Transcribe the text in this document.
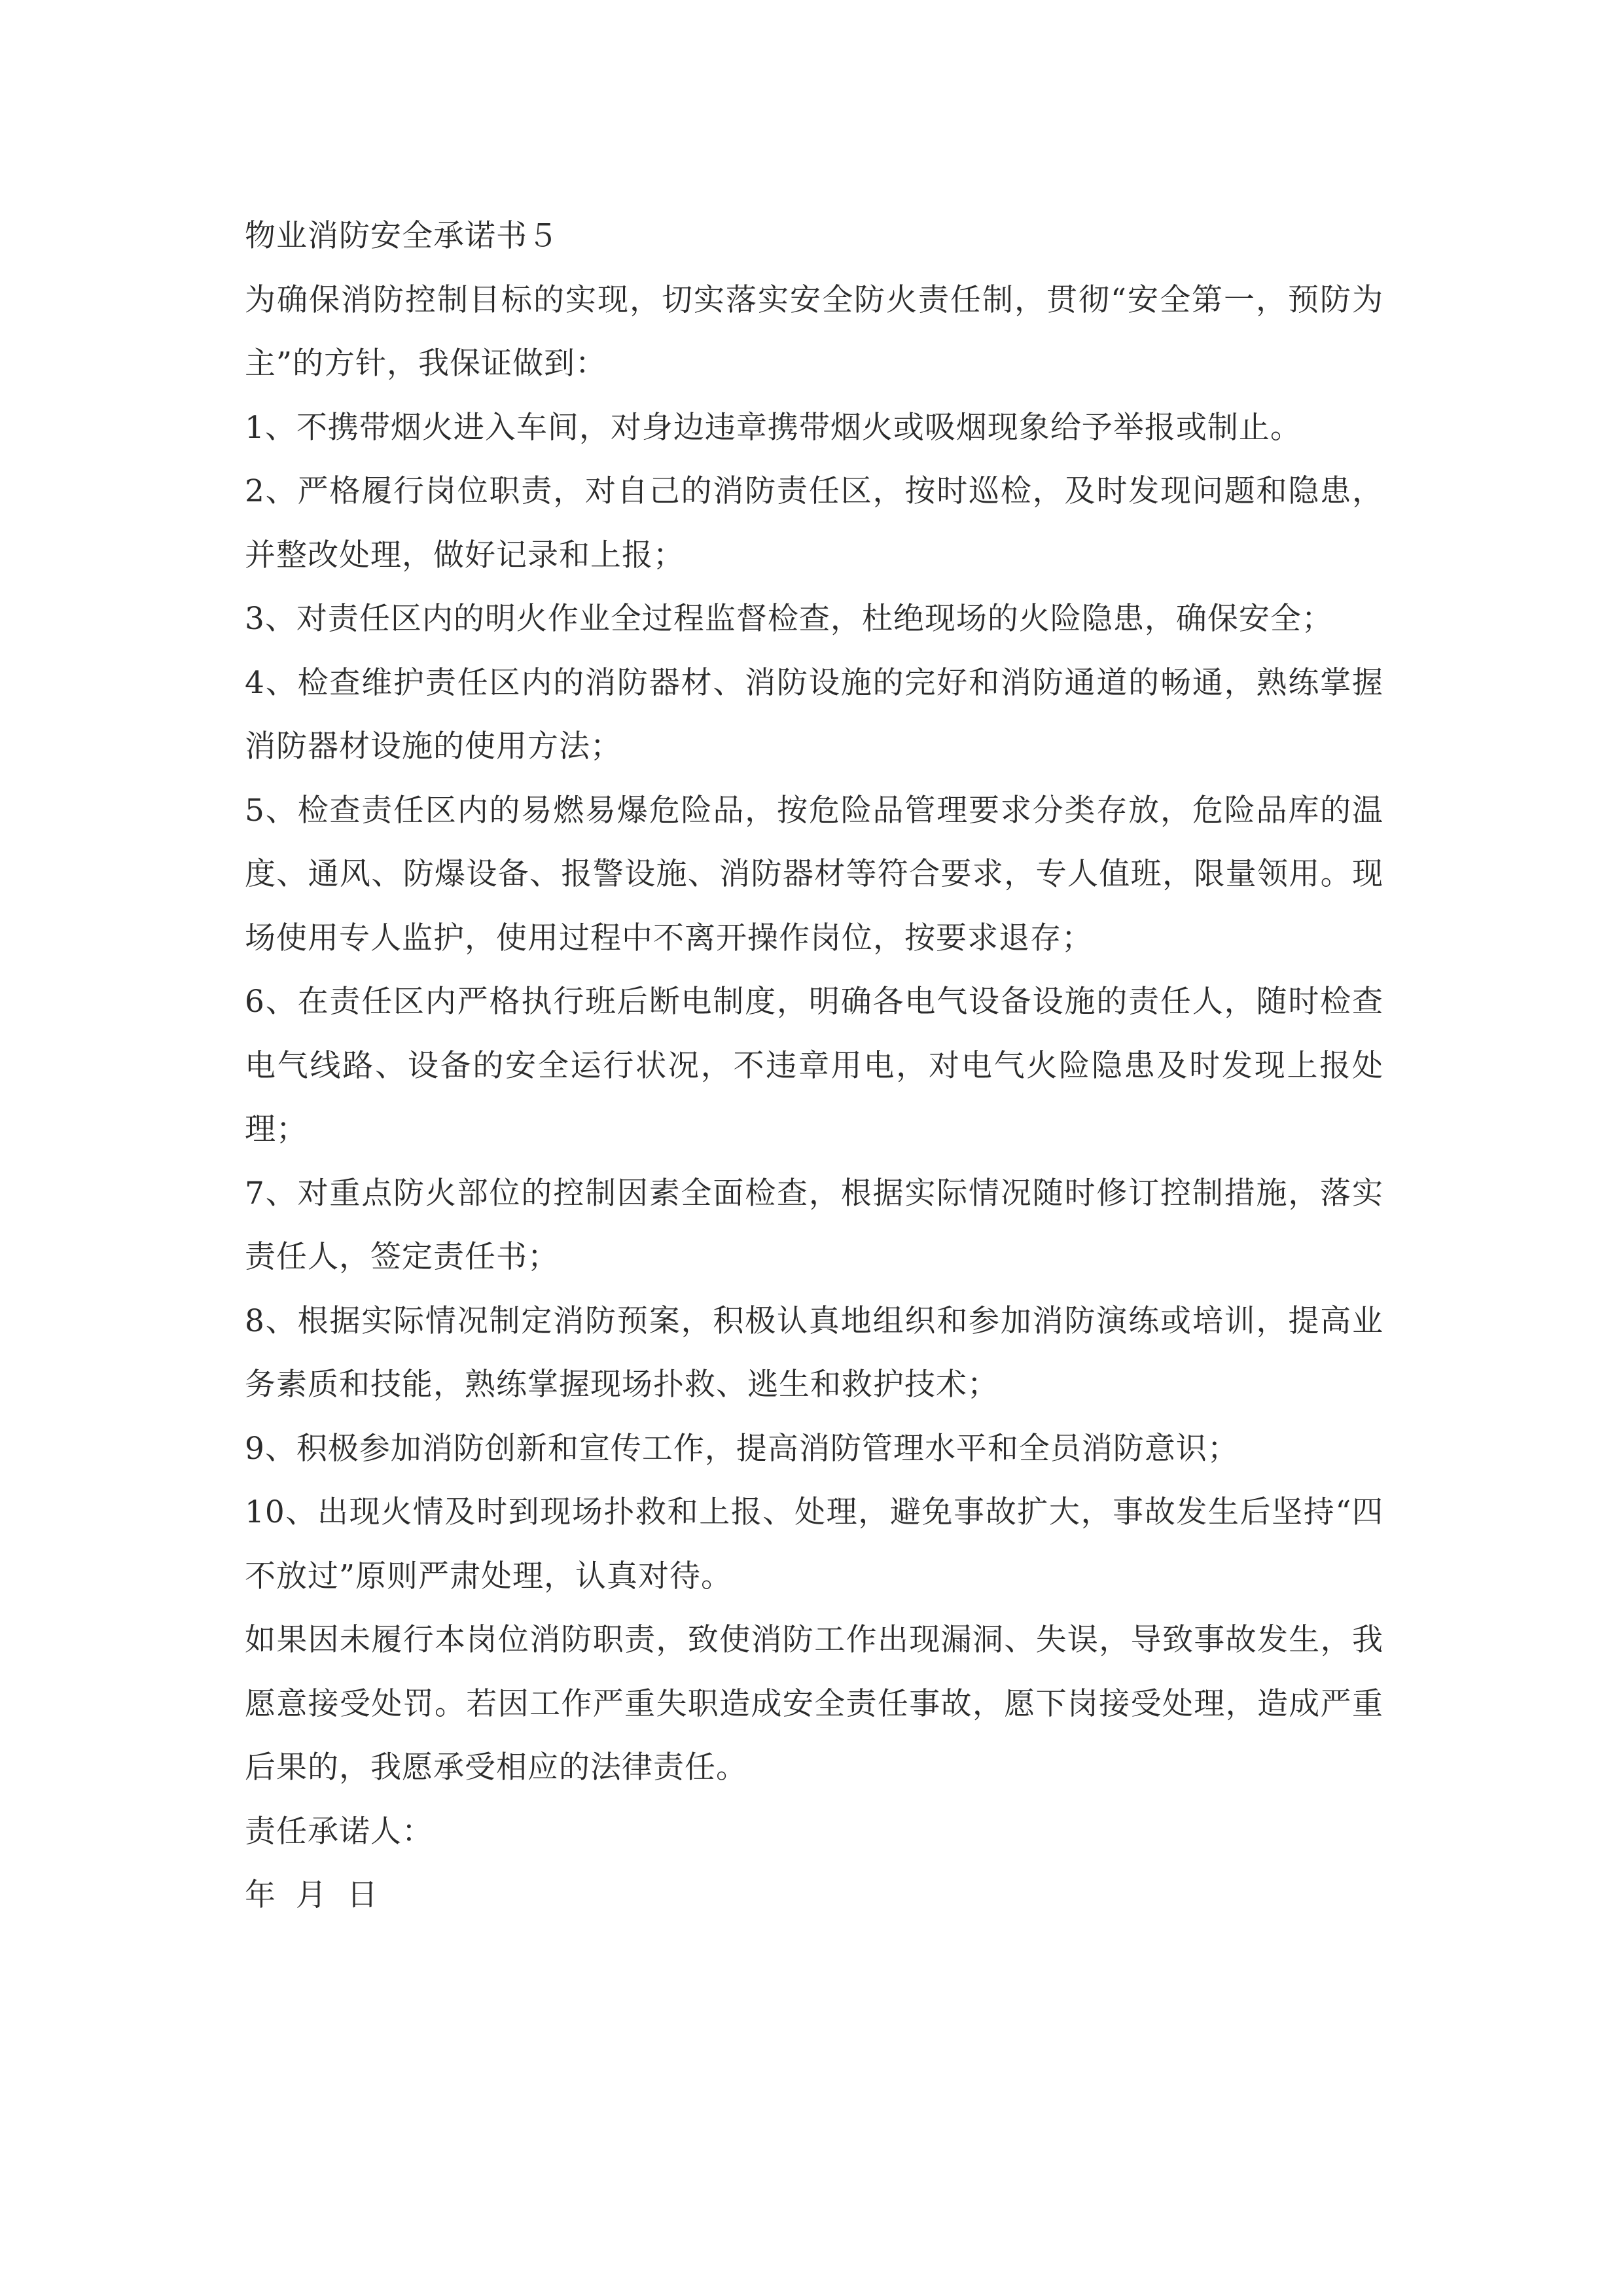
物业消防安全承诺书５

为确保消防控制目标的实现，切实落实安全防火责任制，贯彻“安全第一，预防为主”的方针，我保证做到：

1、不携带烟火进入车间，对身边违章携带烟火或吸烟现象给予举报或制止。

2、严格履行岗位职责，对自己的消防责任区，按时巡检，及时发现问题和隐患，并整改处理，做好记录和上报；

3、对责任区内的明火作业全过程监督检查，杜绝现场的火险隐患，确保安全；

4、检查维护责任区内的消防器材、消防设施的完好和消防通道的畅通，熟练掌握消防器材设施的使用方法；

5、检查责任区内的易燃易爆危险品，按危险品管理要求分类存放，危险品库的温度、通风、防爆设备、报警设施、消防器材等符合要求，专人值班，限量领用。现场使用专人监护，使用过程中不离开操作岗位，按要求退存；

6、在责任区内严格执行班后断电制度，明确各电气设备设施的责任人，随时检查电气线路、设备的安全运行状况，不违章用电，对电气火险隐患及时发现上报处理；

7、对重点防火部位的控制因素全面检查，根据实际情况随时修订控制措施，落实责任人，签定责任书；

8、根据实际情况制定消防预案，积极认真地组织和参加消防演练或培训，提高业务素质和技能，熟练掌握现场扑救、逃生和救护技术；

9、积极参加消防创新和宣传工作，提高消防管理水平和全员消防意识；

10、出现火情及时到现场扑救和上报、处理，避免事故扩大，事故发生后坚持“四不放过”原则严肃处理，认真对待。

如果因未履行本岗位消防职责，致使消防工作出现漏洞、失误，导致事故发生，我愿意接受处罚。若因工作严重失职造成安全责任事故，愿下岗接受处理，造成严重后果的，我愿承受相应的法律责任。

责任承诺人：

年 月 日
